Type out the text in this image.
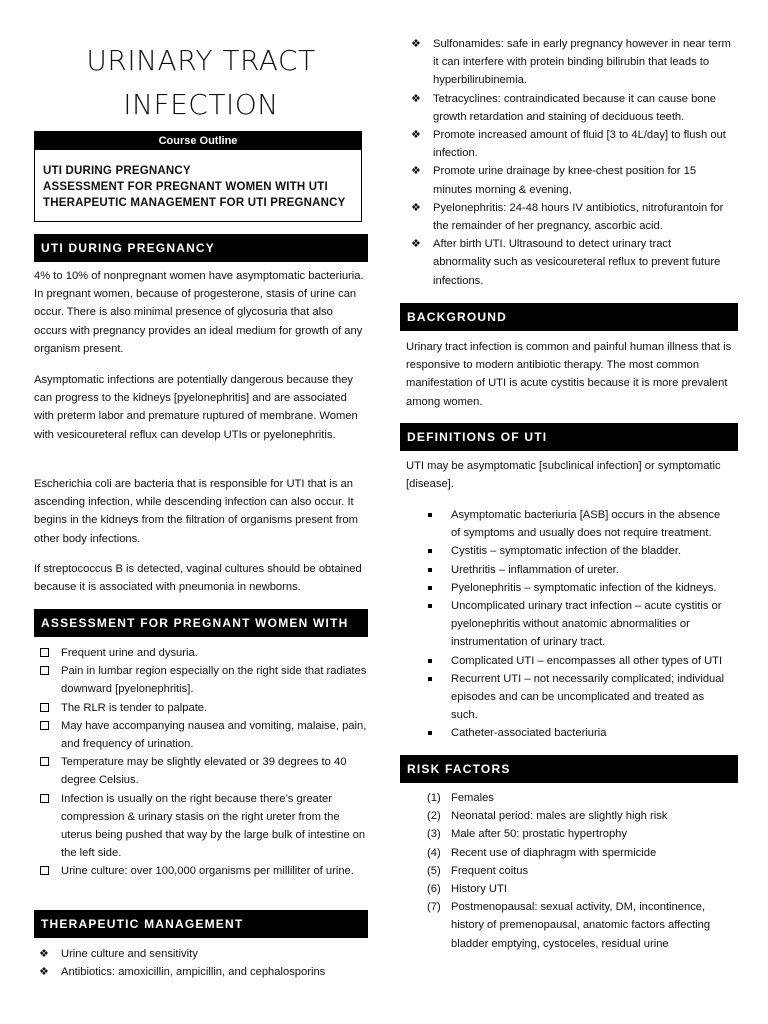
URINARY TRACT
INFECTION
Course Outline
UTI DURING PREGNANCY
ASSESSMENT FOR PREGNANT WOMEN WITH UTI
THERAPEUTIC MANAGEMENT FOR UTI PREGNANCY
UTI DURING PREGNANCY

4% to 10% of nonpregnant women have asymptomatic bacteriuria. In pregnant women, because of progesterone, stasis of urine can occur. There is also minimal presence of glycosuria that also occurs with pregnancy provides an ideal medium for growth of any organism present.

Asymptomatic infections are potentially dangerous because they can progress to the kidneys [pyelonephritis] and are associated with preterm labor and premature ruptured of membrane. Women with vesicoureteral reflux can develop UTIs or pyelonephritis.

Escherichia coli are bacteria that is responsible for UTI that is an ascending infection, while descending infection can also occur. It begins in the kidneys from the filtration of organisms present from other body infections.

If streptococcus B is detected, vaginal cultures should be obtained because it is associated with pneumonia in newborns.

ASSESSMENT FOR PREGNANT WOMEN WITH UTI
Frequent urine and dysuria.
Pain in lumbar region especially on the right side that radiates downward [pyelonephritis].
The RLR is tender to palpate.
May have accompanying nausea and vomiting, malaise, pain, and frequency of urination.
Temperature may be slightly elevated or 39 degrees to 40 degree Celsius.
Infection is usually on the right because there’s greater compression & urinary stasis on the right ureter from the uterus being pushed that way by the large bulk of intestine on the left side.
Urine culture: over 100,000 organisms per milliliter of urine.
THERAPEUTIC MANAGEMENT
❖ Urine culture and sensitivity
❖ Antibiotics: amoxicillin, ampicillin, and cephalosporins
❖ Sulfonamides: safe in early pregnancy however in near term it can interfere with protein binding bilirubin that leads to hyperbilirubinemia.
❖ Tetracyclines: contraindicated because it can cause bone growth retardation and staining of deciduous teeth.
❖ Promote increased amount of fluid [3 to 4L/day] to flush out infection.
❖ Promote urine drainage by knee-chest position for 15 minutes morning & evening,
❖ Pyelonephritis: 24-48 hours IV antibiotics, nitrofurantoin for the remainder of her pregnancy, ascorbic acid.
❖ After birth UTI. Ultrasound to detect urinary tract abnormality such as vesicoureteral reflux to prevent future infections.
BACKGROUND

Urinary tract infection is common and painful human illness that is responsive to modern antibiotic therapy. The most common manifestation of UTI is acute cystitis because it is more prevalent among women.

DEFINITIONS OF UTI

UTI may be asymptomatic [subclinical infection] or symptomatic [disease].

Asymptomatic bacteriuria [ASB] occurs in the absence of symptoms and usually does not require treatment.
Cystitis – symptomatic infection of the bladder.
Urethritis – inflammation of ureter.
Pyelonephritis – symptomatic infection of the kidneys.
Uncomplicated urinary tract infection – acute cystitis or pyelonephritis without anatomic abnormalities or instrumentation of urinary tract.
Complicated UTI – encompasses all other types of UTI
Recurrent UTI – not necessarily complicated; individual episodes and can be uncomplicated and treated as such.
Catheter-associated bacteriuria
RISK FACTORS
(1) Females
(2) Neonatal period: males are slightly high risk
(3) Male after 50: prostatic hypertrophy
(4) Recent use of diaphragm with spermicide
(5) Frequent coitus
(6) History UTI
(7) Postmenopausal: sexual activity, DM, incontinence, history of premenopausal, anatomic factors affecting bladder emptying, cystoceles, residual urine
